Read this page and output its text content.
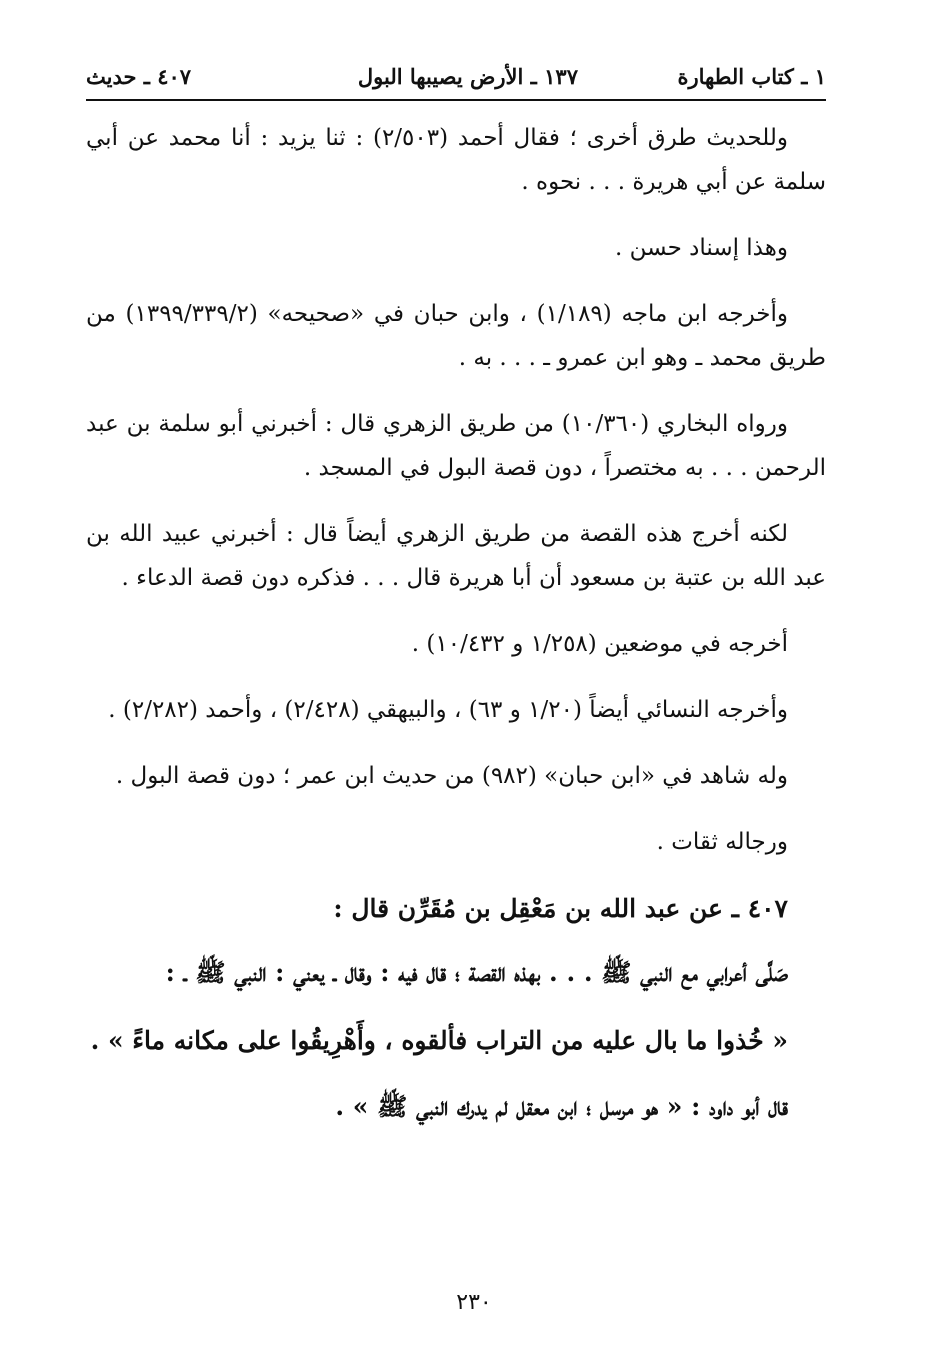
١ ـ كتاب الطهارة
١٣٧ ـ الأرض يصيبها البول
٤٠٧ ـ حديث

وللحديث طرق أخرى ؛ فقال أحمد (٢/٥٠٣) : ثنا يزيد : أنا محمد عن أبي سلمة عن أبي هريرة . . . نحوه .

وهذا إسناد حسن .

وأخرجه ابن ماجه (١/١٨٩) ، وابن حبان في «صحيحه» (١٣٩٩/٣٣٩/٢) من طريق محمد ـ وهو ابن عمرو ـ . . . به .

ورواه البخاري (١٠/٣٦٠) من طريق الزهري قال : أخبرني أبو سلمة بن عبد الرحمن . . . به مختصراً ، دون قصة البول في المسجد .

لكنه أخرج هذه القصة من طريق الزهري أيضاً قال : أخبرني عبيد الله بن عبد الله بن عتبة بن مسعود أن أبا هريرة قال . . . فذكره دون قصة الدعاء .

أخرجه في موضعين (١/٢٥٨ و ١٠/٤٣٢) .

وأخرجه النسائي أيضاً (١/٢٠ و ٦٣) ، والبيهقي (٢/٤٢٨) ، وأحمد (٢/٢٨٢) .

وله شاهد في «ابن حبان» (٩٨٢) من حديث ابن عمر ؛ دون قصة البول .

ورجاله ثقات .

٤٠٧ ـ عن عبد الله بن مَعْقِل بن مُقَرِّن قال :

صَلَّى أعرابي مع النبي ﷺ . . . بهذه القصة ؛ قال فيه : وقال ـ يعني : النبي ﷺ ـ :

« خُذوا ما بال عليه من التراب فألقوه ، وأَهْرِيقُوا على مكانه ماءً » .

قال أبو داود : « هو مرسل ؛ ابن معقل لم يدرك النبي ﷺ » .

٢٣٠
